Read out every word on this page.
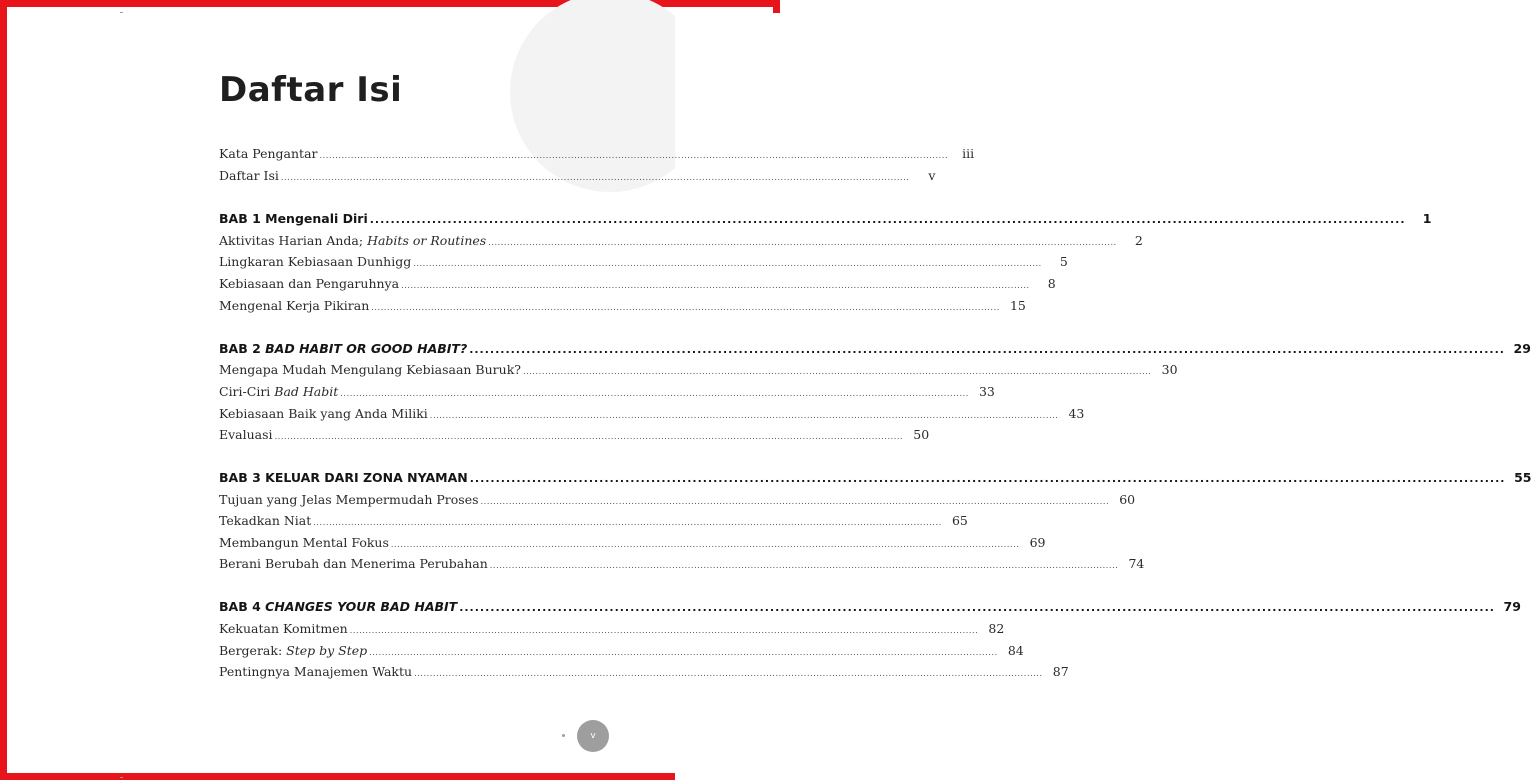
Daftar Isi
Kata Pengantar ........................................................................................................................................................................................................	iii
Daftar Isi ........................................................................................................................................................................................................	v
BAB 1 Mengenali Diri ........................................................................................................................................................................................................	1
Aktivitas Harian Anda; Habits or Routines ........................................................................................................................................................................................................	2
Lingkaran Kebiasaan Dunhigg ........................................................................................................................................................................................................	5
Kebiasaan dan Pengaruhnya ........................................................................................................................................................................................................	8
Mengenal Kerja Pikiran ........................................................................................................................................................................................................ 15
BAB 2 BAD HABIT OR GOOD HABIT? ........................................................................................................................................................................................................ 29
Mengapa Mudah Mengulang Kebiasaan Buruk? ........................................................................................................................................................................................................ 30
Ciri-Ciri Bad Habit ........................................................................................................................................................................................................ 33
Kebiasaan Baik yang Anda Miliki ........................................................................................................................................................................................................ 43
Evaluasi ........................................................................................................................................................................................................ 50
BAB 3 KELUAR DARI ZONA NYAMAN ........................................................................................................................................................................................................ 55
Tujuan yang Jelas Mempermudah Proses ........................................................................................................................................................................................................ 60
Tekadkan Niat ........................................................................................................................................................................................................ 65
Membangun Mental Fokus ........................................................................................................................................................................................................ 69
Berani Berubah dan Menerima Perubahan ........................................................................................................................................................................................................ 74
BAB 4 CHANGES YOUR BAD HABIT ........................................................................................................................................................................................................ 79
Kekuatan Komitmen ........................................................................................................................................................................................................ 82
Bergerak: Step by Step ........................................................................................................................................................................................................ 84
Pentingnya Manajemen Waktu ........................................................................................................................................................................................................ 87
v
